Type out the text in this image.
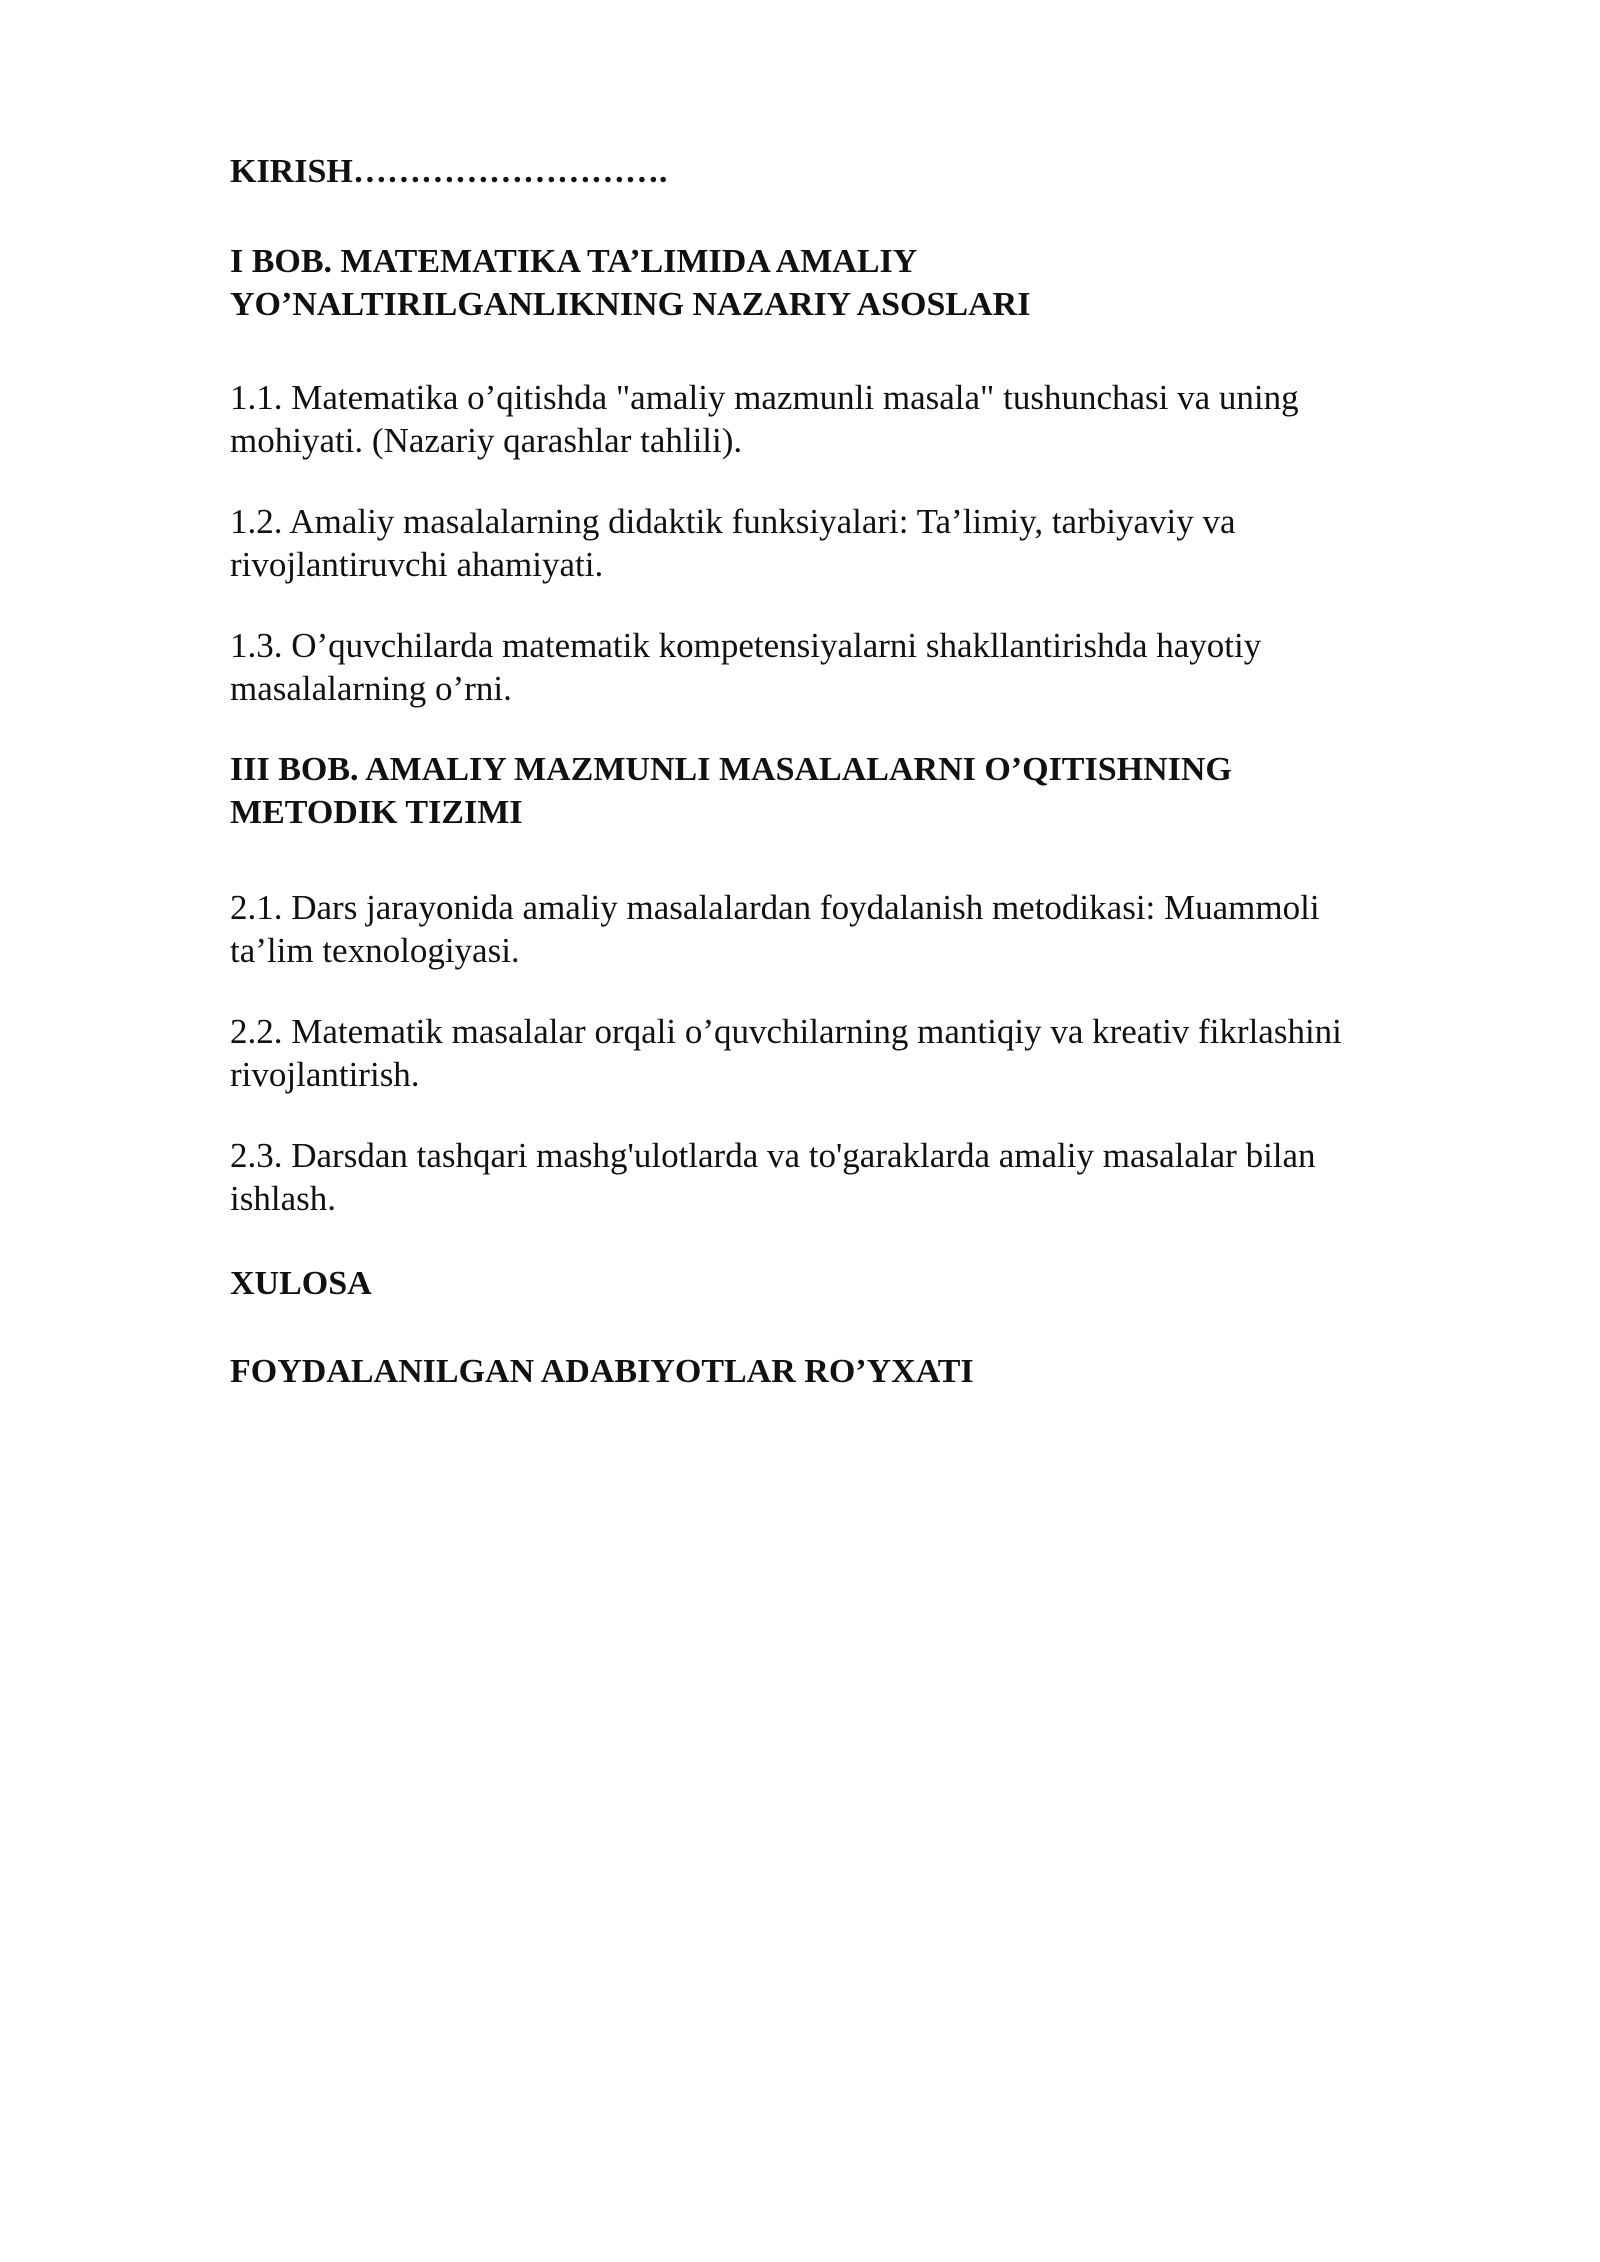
KIRISH……………………….

I BOB. MATEMATIKA TA’LIMIDA AMALIY
YO’NALTIRILGANLIKNING NAZARIY ASOSLARI

1.1. Matematika o’qitishda "amaliy mazmunli masala" tushunchasi va uning
mohiyati. (Nazariy qarashlar tahlili).

1.2. Amaliy masalalarning didaktik funksiyalari: Ta’limiy, tarbiyaviy va
rivojlantiruvchi ahamiyati.

1.3. O’quvchilarda matematik kompetensiyalarni shakllantirishda hayotiy
masalalarning o’rni.

III BOB. AMALIY MAZMUNLI MASALALARNI O’QITISHNING
METODIK TIZIMI

2.1. Dars jarayonida amaliy masalalardan foydalanish metodikasi: Muammoli
ta’lim texnologiyasi.

2.2. Matematik masalalar orqali o’quvchilarning mantiqiy va kreativ fikrlashini
rivojlantirish.

2.3. Darsdan tashqari mashg'ulotlarda va to'garaklarda amaliy masalalar bilan
ishlash.

XULOSA

FOYDALANILGAN ADABIYOTLAR RO’YXATI
